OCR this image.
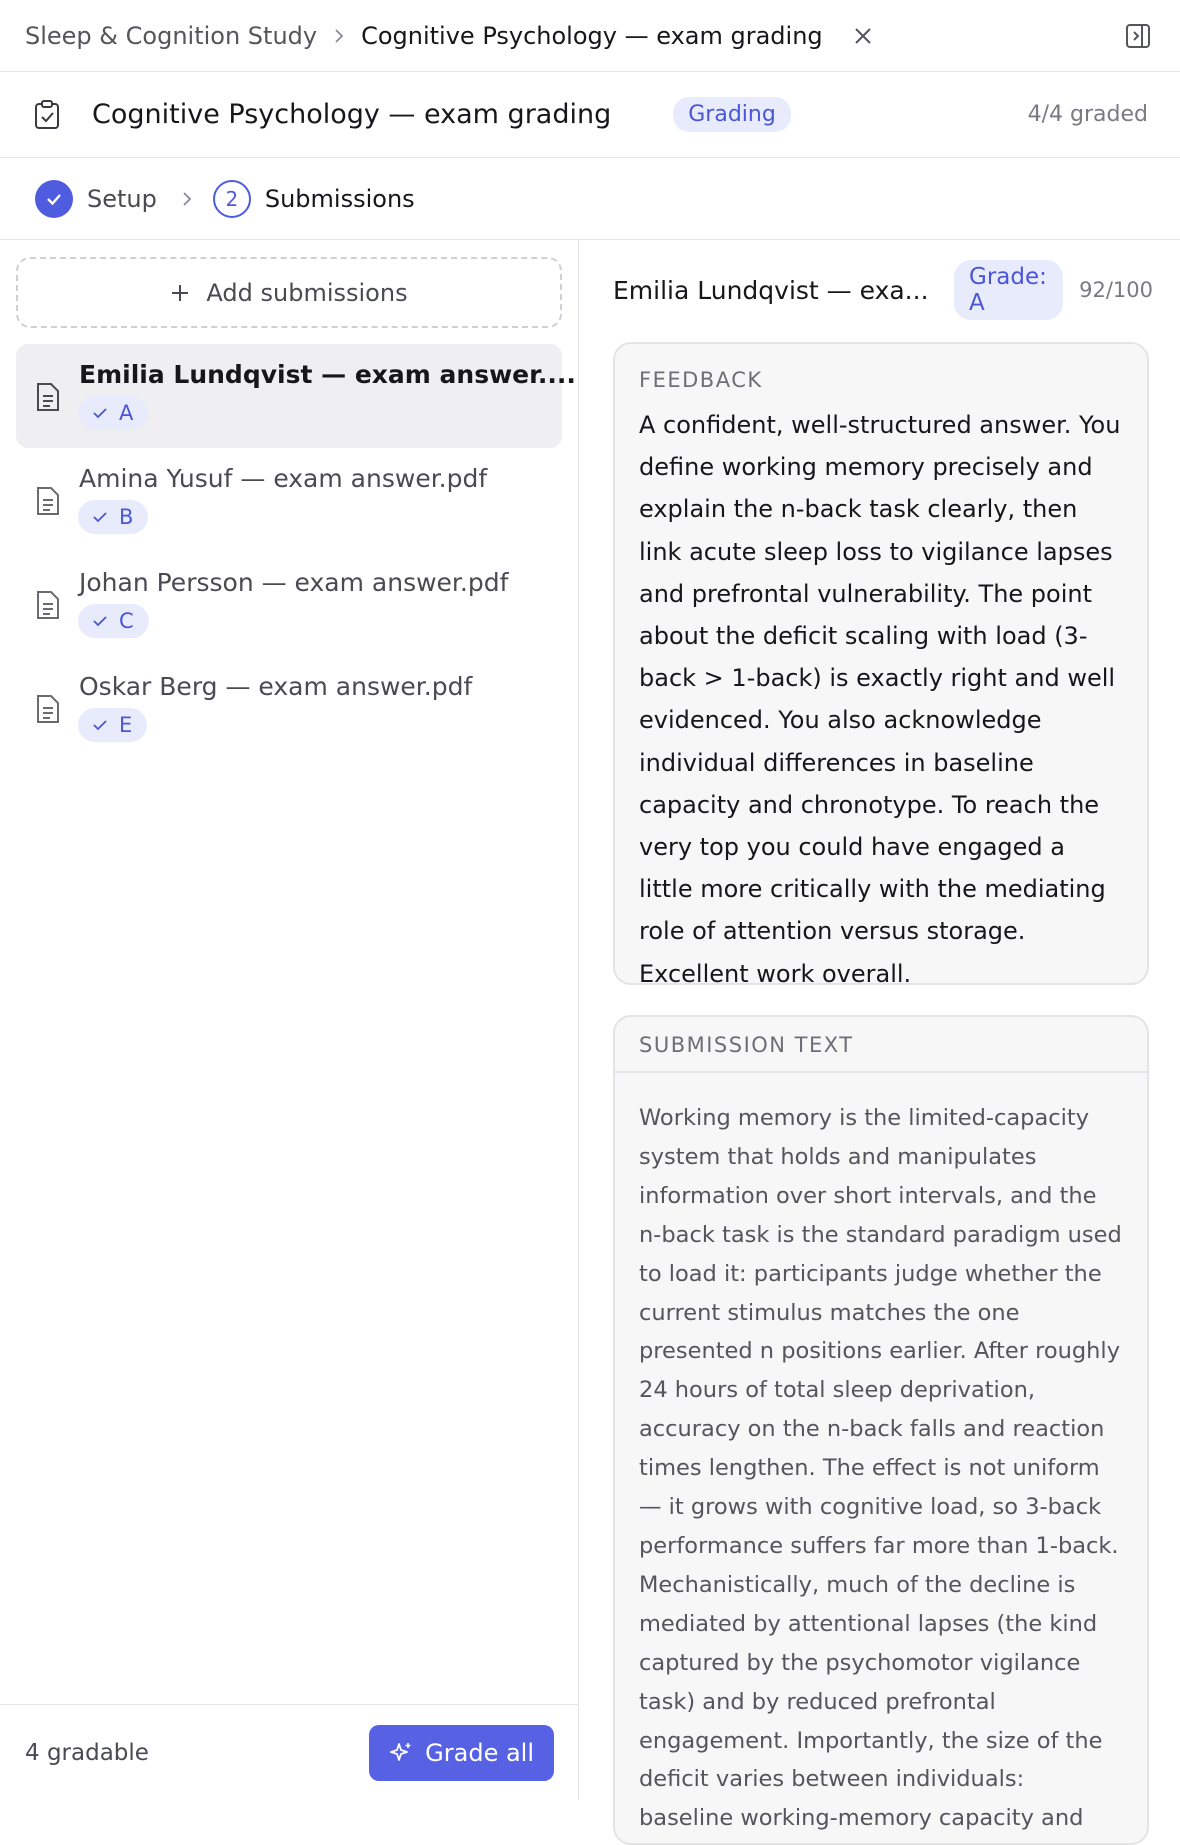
Sleep & Cognition Study Cognitive Psychology — exam grading
Cognitive Psychology — exam grading	Grading	4/4 graded
Setup	2	Submissions
Add submissions
Emilia Lundqvist — exam answer....
A
Amina Yusuf — exam answer.pdf
B
Johan Persson — exam answer.pdf
C
Oskar Berg — exam answer.pdf
E
4 gradable	Grade all
Emilia Lundqvist — exa...	Grade: A	92/100
FEEDBACK
A confident, well-structured answer. You define working memory precisely and explain the n-back task clearly, then link acute sleep loss to vigilance lapses and prefrontal vulnerability. The point about the deficit scaling with load (3-back > 1-back) is exactly right and well evidenced. You also acknowledge individual differences in baseline capacity and chronotype. To reach the very top you could have engaged a little more critically with the mediating role of attention versus storage. Excellent work overall.
SUBMISSION TEXT
Working memory is the limited-capacity system that holds and manipulates information over short intervals, and the n-back task is the standard paradigm used to load it: participants judge whether the current stimulus matches the one presented n positions earlier. After roughly 24 hours of total sleep deprivation, accuracy on the n-back falls and reaction times lengthen. The effect is not uniform — it grows with cognitive load, so 3-back performance suffers far more than 1-back. Mechanistically, much of the decline is mediated by attentional lapses (the kind captured by the psychomotor vigilance task) and by reduced prefrontal engagement. Importantly, the size of the deficit varies between individuals: baseline working-memory capacity and
